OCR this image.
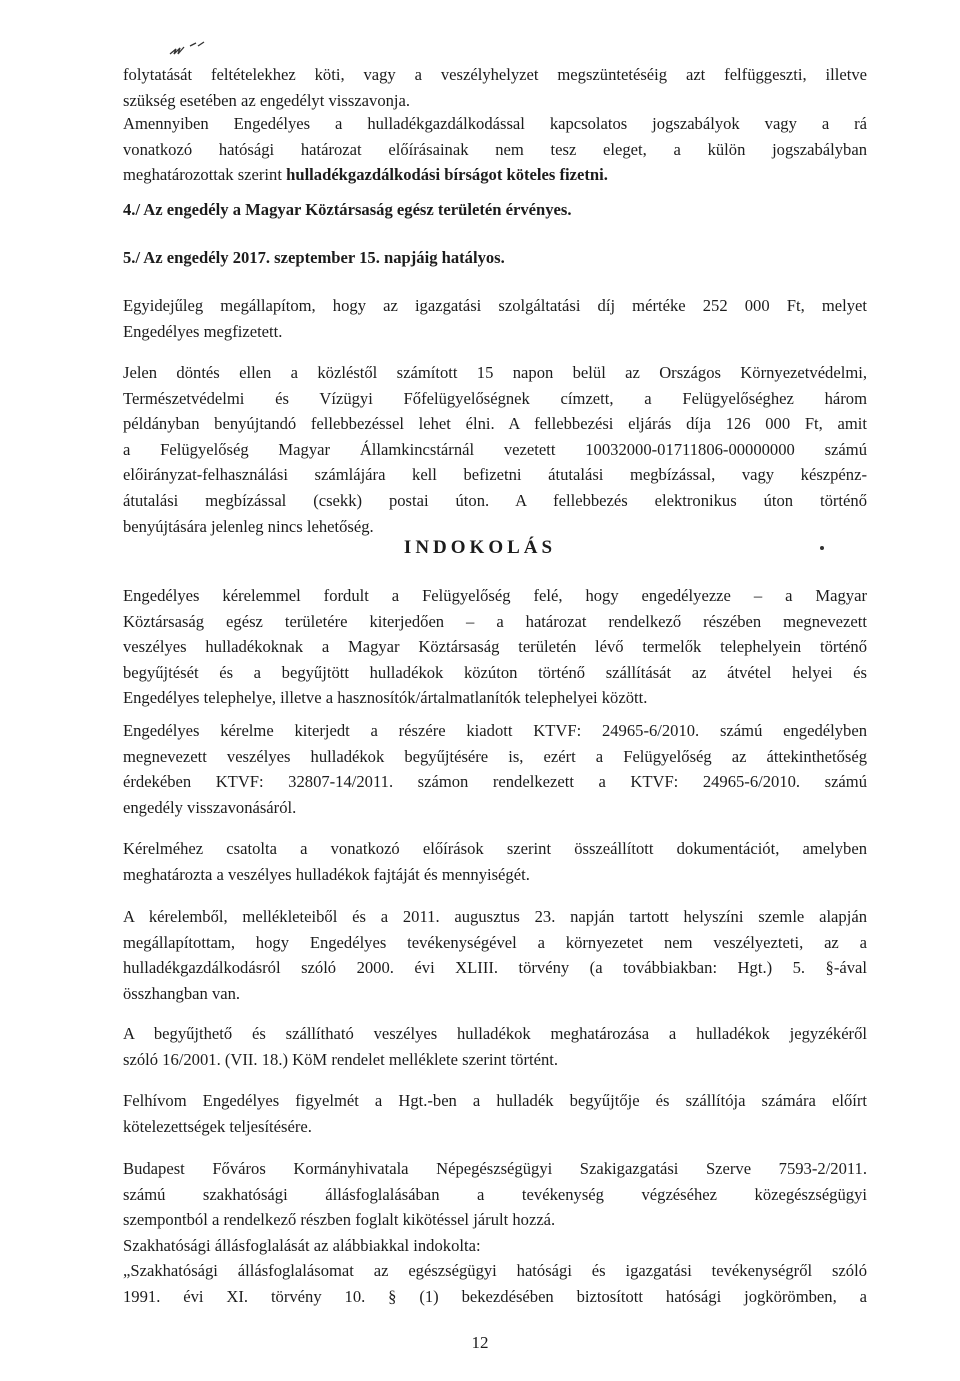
folytatását feltételekhez köti, vagy a veszélyhelyzet megszüntetéséig azt felfüggeszti, illetve
szükség esetében az engedélyt visszavonja.

Amennyiben Engedélyes a hulladékgazdálkodással kapcsolatos jogszabályok vagy a rá
vonatkozó hatósági határozat előírásainak nem tesz eleget, a külön jogszabályban
meghatározottak szerint hulladékgazdálkodási bírságot köteles fizetni.

4./ Az engedély a Magyar Köztársaság egész területén érvényes.

5./ Az engedély 2017. szeptember 15. napjáig hatályos.

Egyidejűleg megállapítom, hogy az igazgatási szolgáltatási díj mértéke 252 000 Ft, melyet
Engedélyes megfizetett.

Jelen döntés ellen a közléstől számított 15 napon belül az Országos Környezetvédelmi,
Természetvédelmi és Vízügyi Főfelügyelőségnek címzett, a Felügyelőséghez három
példányban benyújtandó fellebbezéssel lehet élni. A fellebbezési eljárás díja 126 000 Ft, amit
a Felügyelőség Magyar Államkincstárnál vezetett 10032000-01711806-00000000 számú
előirányzat-felhasználási számlájára kell befizetni átutalási megbízással, vagy készpénz-
átutalási megbízással (csekk) postai úton. A fellebbezés elektronikus úton történő
benyújtására jelenleg nincs lehetőség.

INDOKOLÁS

Engedélyes kérelemmel fordult a Felügyelőség felé, hogy engedélyezze – a Magyar
Köztársaság egész területére kiterjedően – a határozat rendelkező részében megnevezett
veszélyes hulladékoknak a Magyar Köztársaság területén lévő termelők telephelyein történő
begyűjtését és a begyűjtött hulladékok közúton történő szállítását az átvétel helyei és
Engedélyes telephelye, illetve a hasznosítók/ártalmatlanítók telephelyei között.

Engedélyes kérelme kiterjedt a részére kiadott KTVF: 24965-6/2010. számú engedélyben
megnevezett veszélyes hulladékok begyűjtésére is, ezért a Felügyelőség az áttekinthetőség
érdekében KTVF: 32807-14/2011. számon rendelkezett a KTVF: 24965-6/2010. számú
engedély visszavonásáról.

Kérelméhez csatolta a vonatkozó előírások szerint összeállított dokumentációt, amelyben
meghatározta a veszélyes hulladékok fajtáját és mennyiségét.

A kérelemből, mellékleteiből és a 2011. augusztus 23. napján tartott helyszíni szemle alapján
megállapítottam, hogy Engedélyes tevékenységével a környezetet nem veszélyezteti, az a
hulladékgazdálkodásról szóló 2000. évi XLIII. törvény (a továbbiakban: Hgt.) 5. §-ával
összhangban van.

A begyűjthető és szállítható veszélyes hulladékok meghatározása a hulladékok jegyzékéről
szóló 16/2001. (VII. 18.) KöM rendelet melléklete szerint történt.

Felhívom Engedélyes figyelmét a Hgt.-ben a hulladék begyűjtője és szállítója számára előírt
kötelezettségek teljesítésére.

Budapest Főváros Kormányhivatala Népegészségügyi Szakigazgatási Szerve 7593-2/2011.
számú szakhatósági állásfoglalásában a tevékenység végzéséhez közegészségügyi
szempontból a rendelkező részben foglalt kikötéssel járult hozzá.
Szakhatósági állásfoglalását az alábbiakkal indokolta:
„Szakhatósági állásfoglalásomat az egészségügyi hatósági és igazgatási tevékenységről szóló
1991. évi XI. törvény 10. § (1) bekezdésében biztosított hatósági jogkörömben, a

12
